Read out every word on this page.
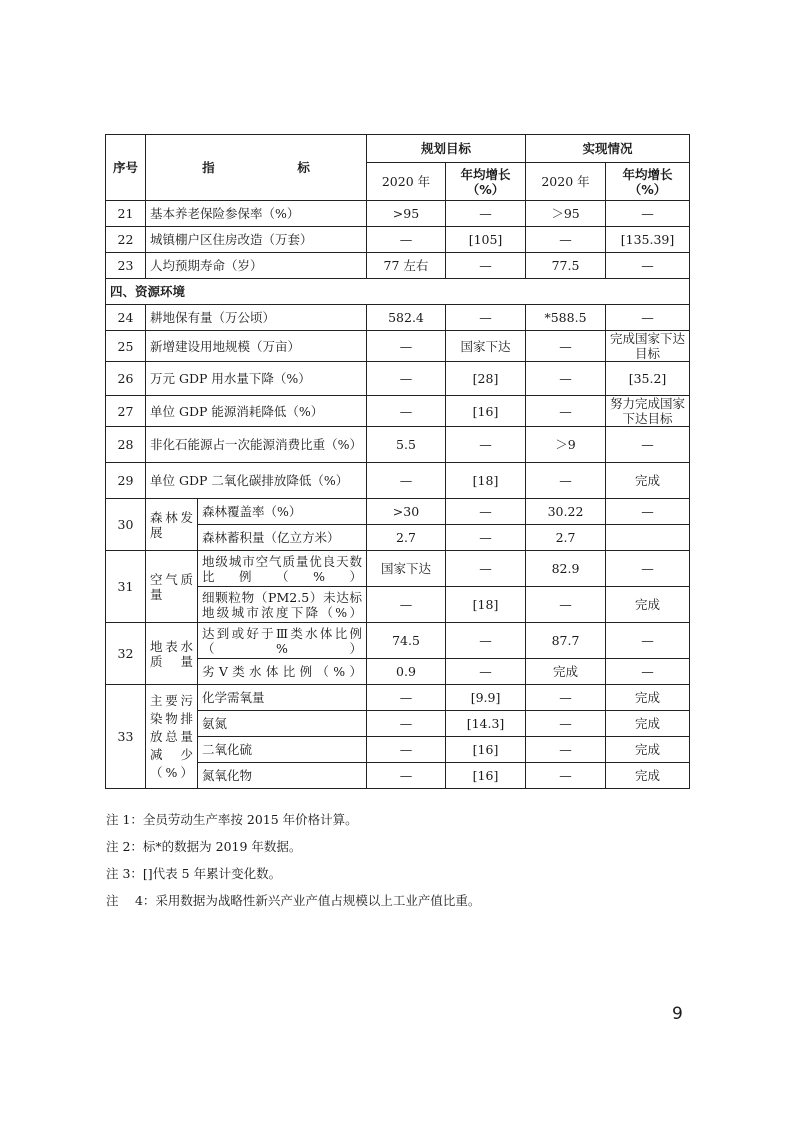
序号	指 标		规划目标		实现情况	
			2020 年	年均增长（%）	2020 年	年均增长（%）
21	基本养老保险参保率（%）		>95	—	＞95	—
22	城镇棚户区住房改造（万套）		—	[105]	—	[135.39]
23	人均预期寿命（岁）		77 左右	—	77.5	—
四、资源环境						
24	耕地保有量（万公顷）		582.4	—	*588.5	—
25	新增建设用地规模（万亩）		—	国家下达	—	完成国家下达目标
26	万元 GDP 用水量下降（%）		—	[28]	—	[35.2]
27	单位 GDP 能源消耗降低（%）		—	[16]	—	努力完成国家下达目标
28	非化石能源占一次能源消费比重（%）		5.5	—	＞9	—
29	单位 GDP 二氧化碳排放降低（%）		—	[18]	—	完成
30	森林发展	森林覆盖率（%）	>30	—	30.22	—
		森林蓄积量（亿立方米）	2.7	—	2.7	
31	空气质量	地级城市空气质量优良天数比例（%）	国家下达	—	82.9	—
		细颗粒物（PM2.5）未达标地级城市浓度下降（%）	—	[18]	—	完成
32	地表水质量	达到或好于Ⅲ类水体比例（%）	74.5	—	87.7	—
		劣Ⅴ类水体比例（%）	0.9	—	完成	—
33	主要污染物排放总量减少（%）	化学需氧量	—	[9.9]	—	完成
		氨氮	—	[14.3]	—	完成
		二氧化硫	—	[16]	—	完成
		氮氧化物	—	[16]	—	完成
注 1：全员劳动生产率按 2015 年价格计算。
注 2：标*的数据为 2019 年数据。
注 3：[]代表 5 年累计变化数。
注　 4：采用数据为战略性新兴产业产值占规模以上工业产值比重。
9
